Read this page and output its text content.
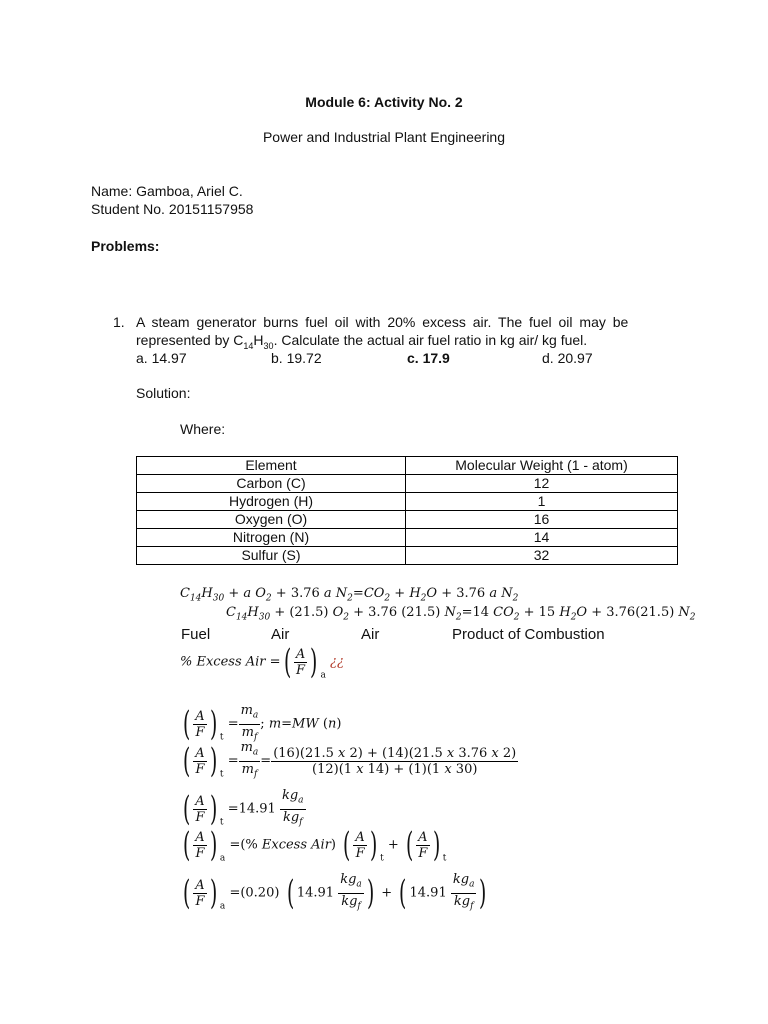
Module 6: Activity No. 2
Power and Industrial Plant Engineering
Name: Gamboa, Ariel C.
Student No. 20151157958
Problems:
1. A steam generator burns fuel oil with 20% excess air. The fuel oil may be
represented by $C_{14}H_{30}$. Calculate the actual air fuel ratio in kg air/ kg fuel.
a. 14.97	b. 19.72	c. 17.9	d. 20.97
Solution:
Where:
Element	Molecular Weight (1 - atom)
Carbon (C)	12
Hydrogen (H)	1
Oxygen (O)	16
Nitrogen (N)	14
Sulfur (S)	32
$C_{14}H_{30} + a$ $O_2 + 3.76$ a $N_2=CO_2 + H_2O + 3.76$ a $N_2$
$C_{14}H_{30} + (21.5) O_2 + 3.76$ (21.5) $N_2=14$ $CO_2 + 15$ $H_2O + 3.76(21.5)$ $N_2$
Fuel	Air	Air	Product of Combustion
% Excess Air =( $\frac{A}{F}$ ) $_a$ ¿¿
( $\frac{A}{F}$ ) $_t = \frac{m_a}{m_f}$ ; m=MW (n)
( $\frac{A}{F}$ ) $_t = \frac{m_a}{m_f} = \frac{(16)(21.5 x 2) + (14)(21.5 x 3.76 x 2)}{(12)(1 x 14) + (1)(1 x 30)}$
( $\frac{A}{F}$ ) $_t =14.91 \frac{kg_a}{kg_f}$
( $\frac{A}{F}$ ) $_a$ =(% Excess Air) ( $\frac{A}{F}$ ) $_t$ + ( $\frac{A}{F}$ ) $_t$
( $\frac{A}{F}$ ) $_a$ =(0.20) ( $14.91 \frac{kg_a}{kg_f}$ ) + ( $14.91 \frac{kg_a}{kg_f}$ )
